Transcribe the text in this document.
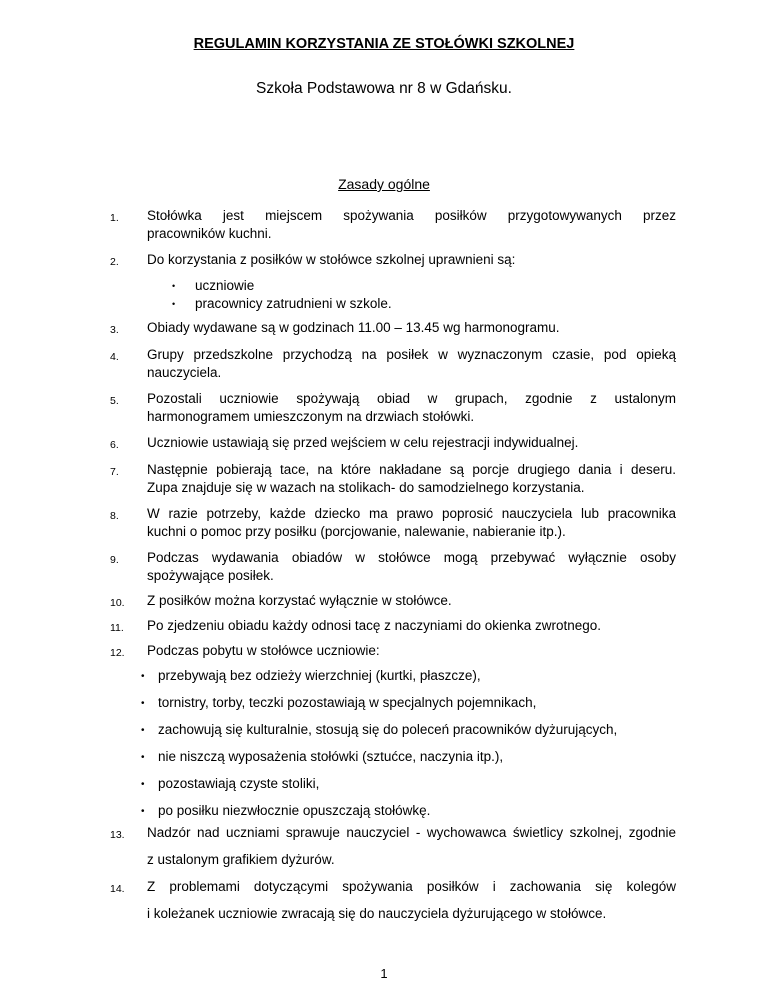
REGULAMIN KORZYSTANIA ZE STOŁÓWKI SZKOLNEJ
Szkoła Podstawowa nr 8 w Gdańsku.
Zasady ogólne
1. Stołówka jest miejscem spożywania posiłków przygotowywanych przez
pracowników kuchni.
2. Do korzystania z posiłków w stołówce szkolnej uprawnieni są:
• uczniowie
• pracownicy zatrudnieni w szkole.
3. Obiady wydawane są w godzinach 11.00 – 13.45 wg harmonogramu.
4. Grupy przedszkolne przychodzą na posiłek w wyznaczonym czasie, pod opieką
nauczyciela.
5. Pozostali uczniowie spożywają obiad w grupach, zgodnie z ustalonym
harmonogramem umieszczonym na drzwiach stołówki.
6. Uczniowie ustawiają się przed wejściem w celu rejestracji indywidualnej.
7. Następnie pobierają tace, na które nakładane są porcje drugiego dania i deseru.
Zupa znajduje się w wazach na stolikach- do samodzielnego korzystania.
8. W razie potrzeby, każde dziecko ma prawo poprosić nauczyciela lub pracownika
kuchni o pomoc przy posiłku (porcjowanie, nalewanie, nabieranie itp.).
9. Podczas wydawania obiadów w stołówce mogą przebywać wyłącznie osoby
spożywające posiłek.
10. Z posiłków można korzystać wyłącznie w stołówce.
11. Po zjedzeniu obiadu każdy odnosi tacę z naczyniami do okienka zwrotnego.
12. Podczas pobytu w stołówce uczniowie:
• przebywają bez odzieży wierzchniej (kurtki, płaszcze),
• tornistry, torby, teczki pozostawiają w specjalnych pojemnikach,
• zachowują się kulturalnie, stosują się do poleceń pracowników dyżurujących,
• nie niszczą wyposażenia stołówki (sztućce, naczynia itp.),
• pozostawiają czyste stoliki,
• po posiłku niezwłocznie opuszczają stołówkę.
13. Nadzór nad uczniami sprawuje nauczyciel - wychowawca świetlicy szkolnej, zgodnie
z ustalonym grafikiem dyżurów.
14. Z problemami dotyczącymi spożywania posiłków i zachowania się kolegów
i koleżanek uczniowie zwracają się do nauczyciela dyżurującego w stołówce.
1
